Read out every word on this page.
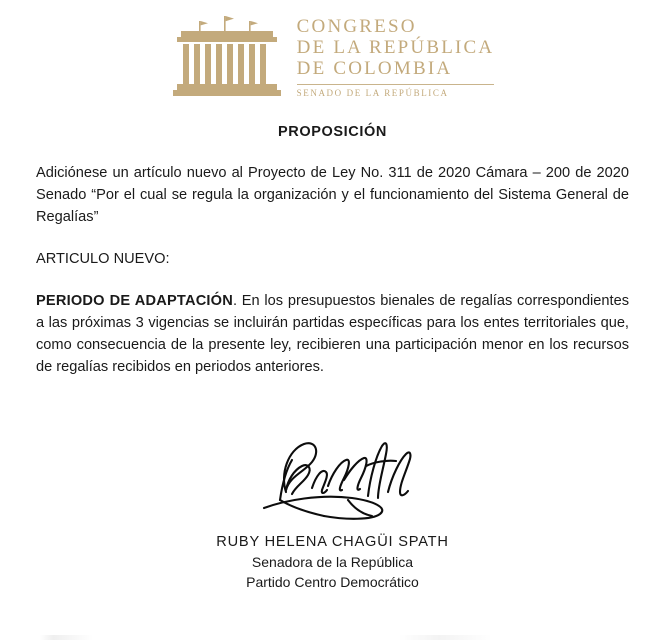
CONGRESO
DE LA REPÚBLICA
DE COLOMBIA
SENADO DE LA REPÚBLICA
PROPOSICIÓN

Adiciónese un artículo nuevo al Proyecto de Ley No. 311 de 2020 Cámara – 200 de 2020 Senado “Por el cual se regula la organización y el funcionamiento del Sistema General de Regalías”

ARTICULO NUEVO:

PERIODO DE ADAPTACIÓN. En los presupuestos bienales de regalías correspondientes a las próximas 3 vigencias se incluirán partidas específicas para los entes territoriales que, como consecuencia de la presente ley, recibieren una participación menor en los recursos de regalías recibidos en periodos anteriores.

RUBY HELENA CHAGÜI SPATH
Senadora de la República
Partido Centro Democrático
